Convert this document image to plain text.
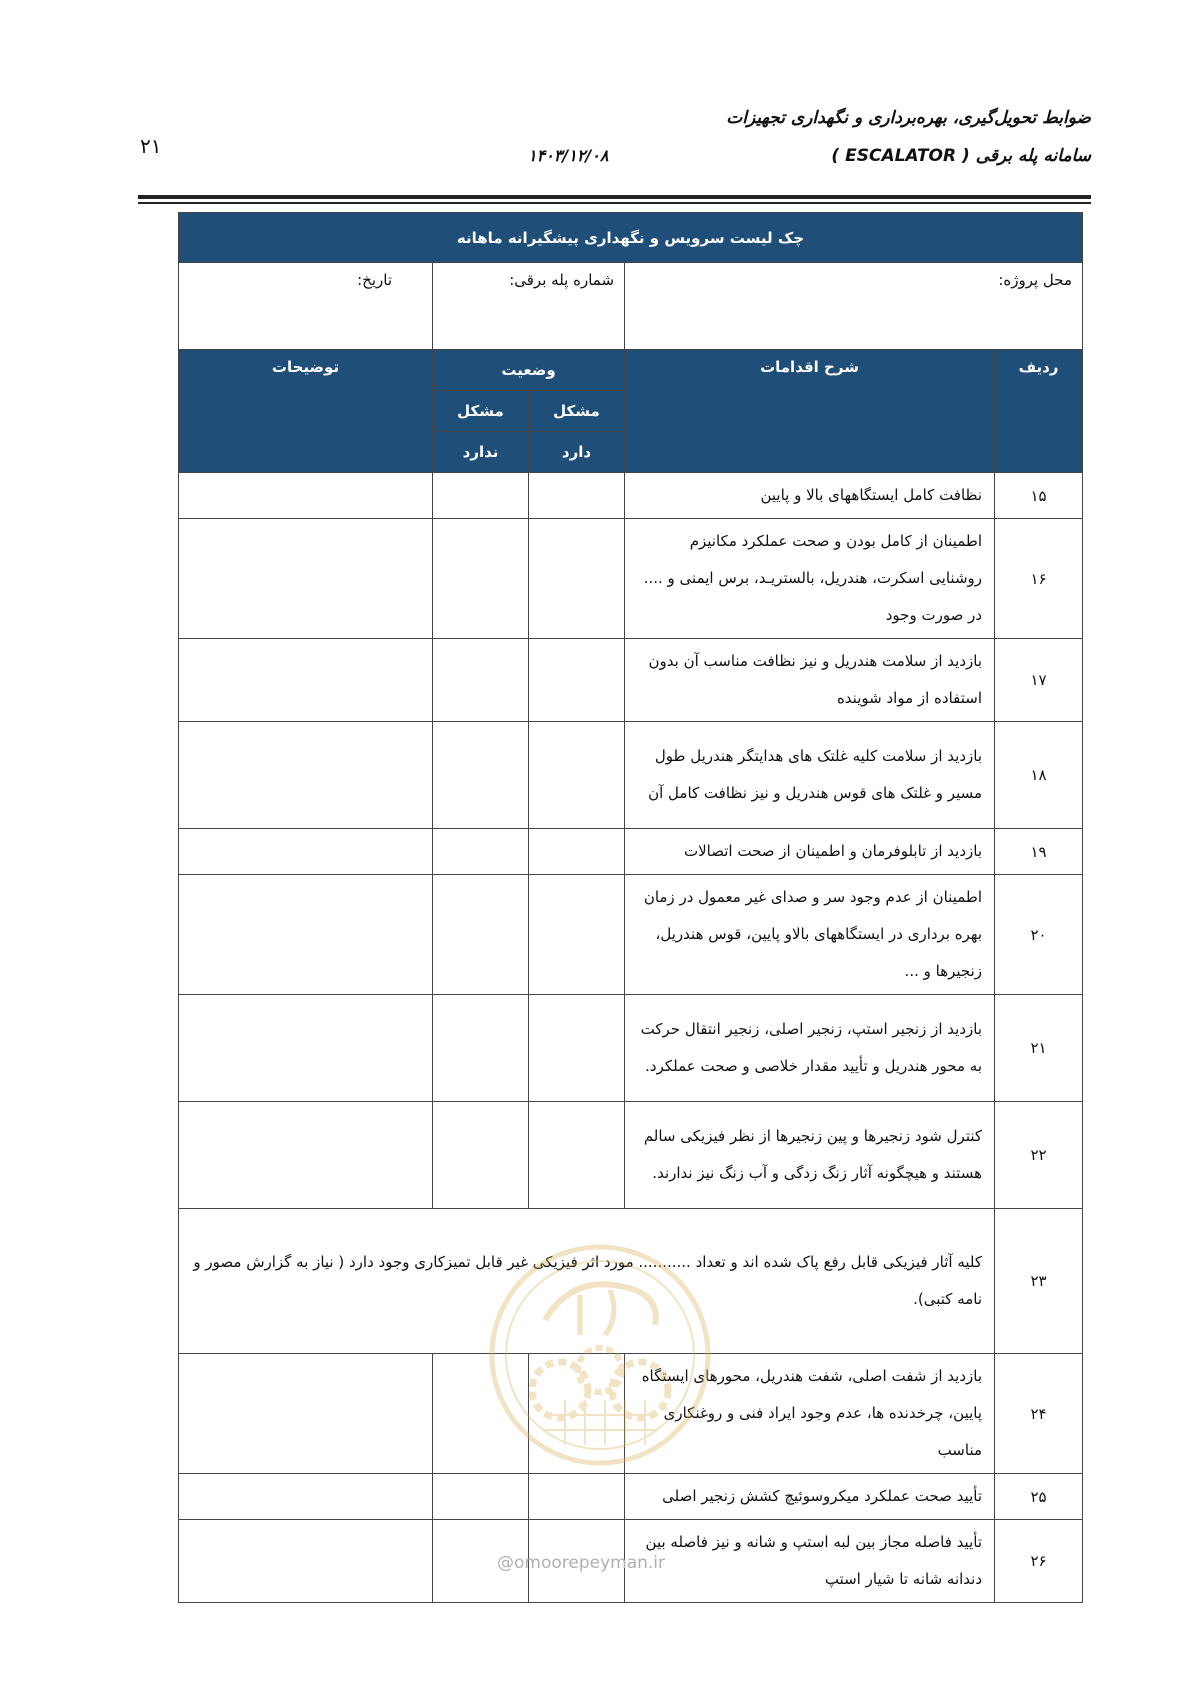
ضوابط تحویل‌گیری، بهره‌برداری و نگهداری تجهیزات
سامانه پله برقی ( ESCALATOR )
۱۴۰۳/۱۲/۰۸
۲۱
چک لیست سرویس و نگهداری پیشگیرانه ماهانه				
محل پروژه:		شماره پله برقی:		تاریخ:
ردیف	شرح اقدامات	وضعیت		توضیحات
		مشکل	مشکل	
		دارد	ندارد	
۱۵	نظافت کامل ایستگاههای بالا و پایین			
۱۶	اطمینان از کامل بودن و صحت عملکرد مکانیزم روشنایی اسکرت، هندریل، بالستریـد، برس ایمنی و .... در صورت وجود			
۱۷	بازدید از سلامت هندریل و نیز نظافت مناسب آن بدون استفاده از مواد شوینده			
۱۸	بازدید از سلامت کلیه غلتک های هدایتگر هندریل طول مسیر و غلتک های قوس هندریل و نیز نظافت کامل آن			
۱۹	بازدید از تابلوفرمان و اطمینان از صحت اتصالات			
۲۰	اطمینان از عدم وجود سر و صدای غیر معمول در زمان بهره برداری در ایستگاههای بالاو پایین، قوس هندریل، زنجیرها و ...			
۲۱	بازدید از زنجیر استپ، زنجیر اصلی، زنجیر انتقال حرکت به محور هندریل و تأیید مقدار خلاصی و صحت عملکرد.			
۲۲	کنترل شود زنجیرها و پین زنجیرها از نظر فیزیکی سالم هستند و هیچگونه آثار زنگ زدگی و آب زنگ نیز ندارند.			
۲۳	کلیه آثار فیزیکی قابل رفع پاک شده اند و تعداد ........... مورد اثر فیزیکی غیر قابل تمیزکاری وجود دارد ( نیاز به گزارش مصور و نامه کتبی).			
۲۴	بازدید از شفت اصلی، شفت هندریل، محورهای ایستگاه پایین، چرخدنده ها، عدم وجود ایراد فنی و روغنکاری مناسب			
۲۵	تأیید صحت عملکرد میکروسوئیچ کشش زنجیر اصلی			
۲۶	تأیید فاصله مجاز بین لبه استپ و شانه و نیز فاصله بین دندانه شانه تا شیار استپ			
@omoorepeyman.ir
